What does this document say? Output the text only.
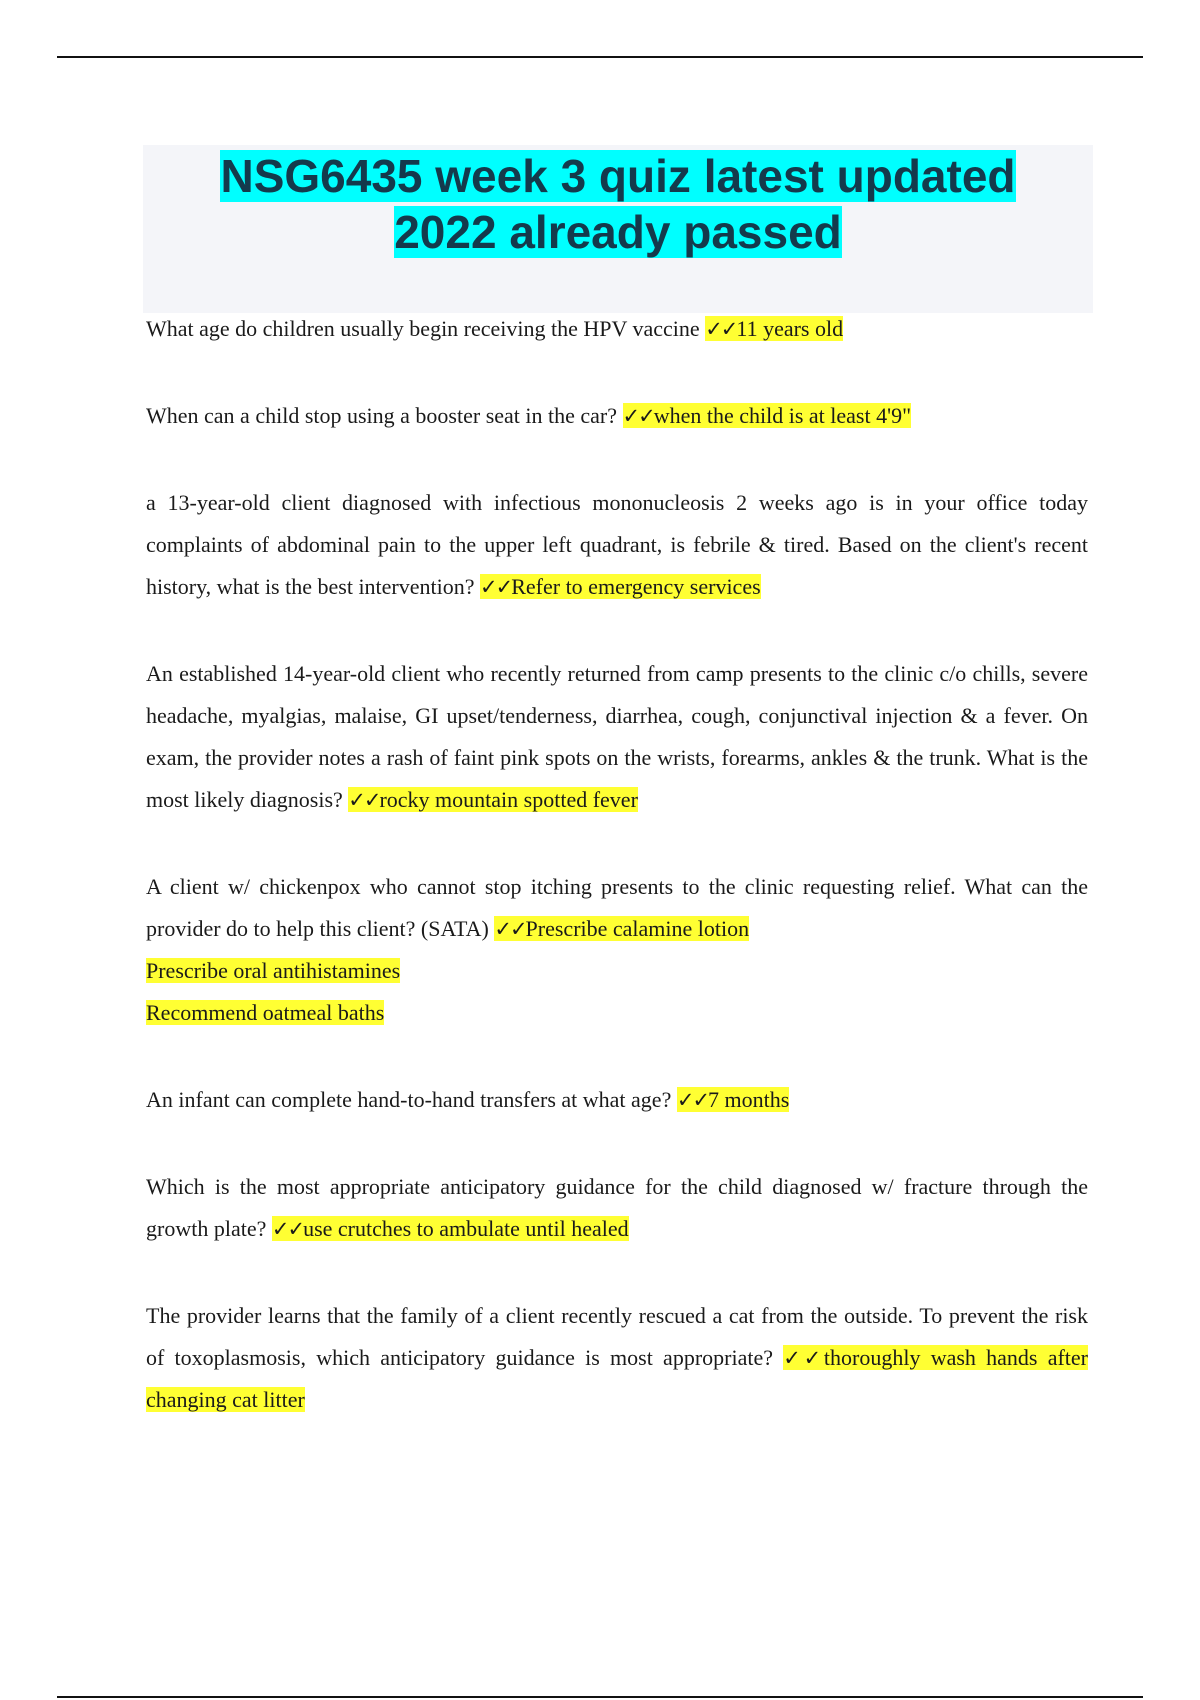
NSG6435 week 3 quiz latest updated
2022 already passed

What age do children usually begin receiving the HPV vaccine ✓✓11 years old

When can a child stop using a booster seat in the car? ✓✓when the child is at least 4'9"

a 13-year-old client diagnosed with infectious mononucleosis 2 weeks ago is in your office today complaints of abdominal pain to the upper left quadrant, is febrile & tired. Based on the client's recent history, what is the best intervention? ✓✓Refer to emergency services

An established 14-year-old client who recently returned from camp presents to the clinic c/o chills, severe headache, myalgias, malaise, GI upset/tenderness, diarrhea, cough, conjunctival injection & a fever. On exam, the provider notes a rash of faint pink spots on the wrists, forearms, ankles & the trunk. What is the most likely diagnosis? ✓✓rocky mountain spotted fever

A client w/ chickenpox who cannot stop itching presents to the clinic requesting relief. What can the provider do to help this client? (SATA) ✓✓Prescribe calamine lotion
Prescribe oral antihistamines
Recommend oatmeal baths

An infant can complete hand-to-hand transfers at what age? ✓✓7 months

Which is the most appropriate anticipatory guidance for the child diagnosed w/ fracture through the growth plate? ✓✓use crutches to ambulate until healed

The provider learns that the family of a client recently rescued a cat from the outside. To prevent the risk of toxoplasmosis, which anticipatory guidance is most appropriate? ✓✓thoroughly wash hands after changing cat litter
